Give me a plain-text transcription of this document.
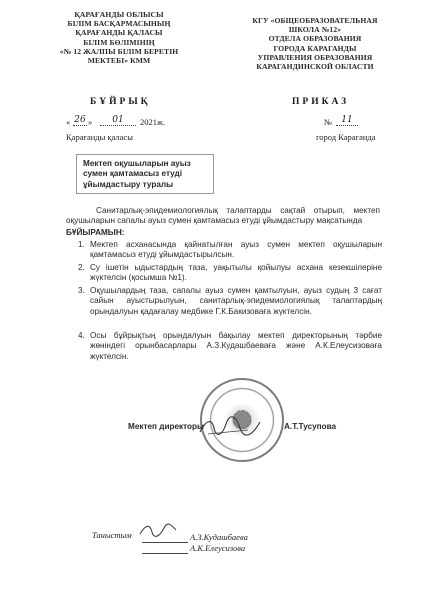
ҚАРАҒАНДЫ ОБЛЫСЫ
БІЛІМ БАСҚАРМАСЫНЫҢ
ҚАРАҒАНДЫ ҚАЛАСЫ
БІЛІМ БӨЛІМІНІҢ
«№ 12 ЖАЛПЫ БІЛІМ БЕРЕТІН
МЕКТЕБІ» КММ
КГУ «ОБЩЕОБРАЗОВАТЕЛЬНАЯ
ШКОЛА №12»
ОТДЕЛА ОБРАЗОВАНИЯ
ГОРОДА КАРАГАНДЫ
УПРАВЛЕНИЯ ОБРАЗОВАНИЯ
КАРАГАНДИНСКОЙ ОБЛАСТИ
БҰЙРЫҚ	ПРИКАЗ
« 26 »	01	2021ж.	№	11
Қарағанды қаласы	город Караганда
Мектеп оқушыларын ауыз сумен қамтамасыз етуді ұйымдастыру туралы
Санитарлық-эпидемиологиялық талаптарды сақтай отырып, мектеп оқушыларын сапалы ауыз сумен қамтамасыз етуді ұйымдастыру мақсатында
БҰЙЫРАМЫН:
1. Мектеп асханасында қайнатылған ауыз сумен мектеп оқушыларын қамтамасыз етуді ұйымдастырылсын.
2. Су ішетін ыдыстардың таза, уақытылы қойылуы асхана кезекшілеріне жүктелсін (қосымша №1).
3. Оқушылардың таза, сапалы ауыз сумен қамтылуын, ауыз судың 3 сағат сайын ауыстырылуын, санитарлық-эпидемиологиялық талаптардың орындалуын қадағалау медбике Г.К.Бакизоваға жүктелсін.
4. Осы бұйрықтың орындалуын бақылау мектеп директорының тәрбие жөніндегі орынбасарлары А.З.Кудашбаеваға және А.К.Елеусизоваға жүктелсін.
Мектеп директоры	А.Т.Тусупова
Таныстым	А.З.Кудашбаева
А.К.Елеусизова
